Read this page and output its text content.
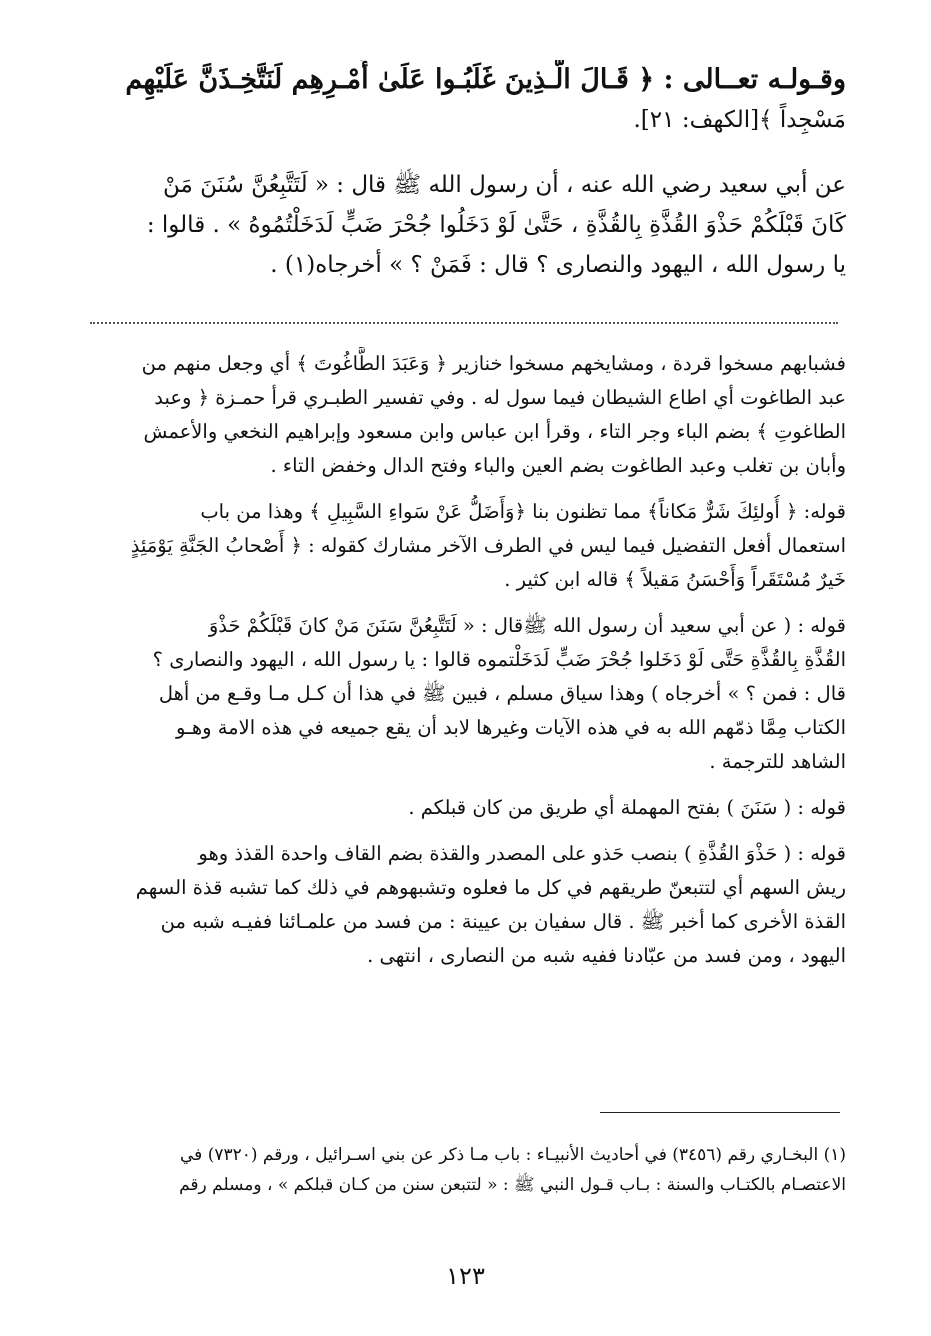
وقـولـه تعــالى : ﴿ قَـالَ الَّـذِينَ غَلَبُـوا عَلَىٰ أَمْـرِهِم لَنَتَّخِـذَنَّ عَلَيْهِم
مَسْجِداً ﴾[الكهف: ٢١].
عن أبي سعيد رضي الله عنه ، أن رسول الله ﷺ قال : « لَتَتَّبِعُنَّ سُنَنَ مَنْ
كَانَ قَبْلَكُمْ حَذْوَ القُذَّةِ بِالقُذَّةِ ، حَتَّىٰ لَوْ دَخَلُوا جُحْرَ ضَبٍّ لَدَخَلْتُمُوهُ » . قالوا :
يا رسول الله ، اليهود والنصارى ؟ قال : فَمَنْ ؟ » أخرجاه(١) .
فشبابهم مسخوا قردة ، ومشايخهم مسخوا خنازير ﴿ وَعَبَدَ الطَّاغُوتَ ﴾ أي وجعل منهم من
عبد الطاغوت أي اطاع الشيطان فيما سول له . وفي تفسير الطبـري قرأ حمـزة ﴿ وعبد
الطاغوتِ ﴾ بضم الباء وجر التاء ، وقرأ ابن عباس وابن مسعود وإبراهيم النخعي والأعمش
وأبان بن تغلب وعبد الطاغوت بضم العين والباء وفتح الدال وخفض التاء .
قوله: ﴿ أُولئِكَ شَرٌّ مَكاناً﴾ مما تظنون بنا ﴿وَأَضَلُّ عَنْ سَواءِ السَّبِيلِ ﴾ وهذا من باب
استعمال أفعل التفضيل فيما ليس في الطرف الآخر مشارك كقوله : ﴿ أَصْحابُ الجَنَّةِ يَوْمَئِذٍ
خَيرٌ مُسْتَقَراً وَأَحْسَنُ مَقيلاً ﴾ قاله ابن كثير .
قوله : ( عن أبي سعيد أن رسول الله ﷺقال : « لَتَتَّبِعُنَّ سَنَنَ مَنْ كانَ قَبْلَكُمْ حَذْوَ
القُذَّةِ بِالقُذَّةِ حَتَّى لَوْ دَخَلوا جُحْرَ ضَبٍّ لَدَخَلْتموه قالوا : يا رسول الله ، اليهود والنصارى ؟
قال : فمن ؟ » أخرجاه ) وهذا سياق مسلم ، فبين ﷺ في هذا أن كـل مـا وقـع من أهل
الكتاب مِمَّا ذمّهم الله به في هذه الآيات وغيرها لابد أن يقع جميعه في هذه الامة وهـو
الشاهد للترجمة .
قوله : ( سَنَنَ ) بفتح المهملة أي طريق من كان قبلكم .
قوله : ( حَذْوَ القُذَّةِ ) بنصب حَذو على المصدر والقذة بضم القاف واحدة القذذ وهو
ريش السهم أي لتتبعنّ طريقهم في كل ما فعلوه وتشبهوهم في ذلك كما تشبه قذة السهم
القذة الأخرى كما أخبر ﷺ . قال سفيان بن عيينة : من فسد من علمـائنا ففيـه شبه من
اليهود ، ومن فسد من عبّادنا ففيه شبه من النصارى ، انتهى .
(١) البخـاري رقم (٣٤٥٦) في أحاديث الأنبيـاء : باب مـا ذكر عن بني اسـرائيل ، ورقم (٧٣٢٠) في
الاعتصـام بالكتـاب والسنة : بـاب قـول النبي ﷺ : « لتتبعن سنن من كـان قبلكم » ، ومسلم رقم
١٢٣
